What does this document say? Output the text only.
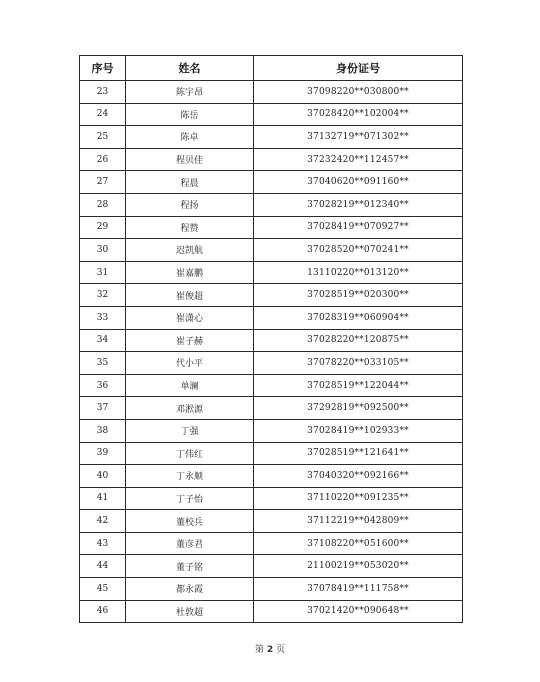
序号	姓名	身份证号
23	陈宇昂	37098220**030800**
24	陈岳	37028420**102004**
25	陈卓	37132719**071302**
26	程贝佳	37232420**112457**
27	程晨	37040620**091160**
28	程扬	37028219**012340**
29	程赞	37028419**070927**
30	迟凯航	37028520**070241**
31	崔嘉鹏	13110220**013120**
32	崔俊超	37028519**020300**
33	崔潇心	37028319**060904**
34	崔子赫	37028220**120875**
35	代小平	37078220**033105**
36	单澜	37028519**122044**
37	邓淞源	37292819**092500**
38	丁强	37028419**102933**
39	丁伟红	37028519**121641**
40	丁永顺	37040320**092166**
41	丁子怡	37110220**091235**
42	董校兵	37112219**042809**
43	董彦君	37108220**051600**
44	董子铭	21100219**053020**
45	都永霞	37078419**111758**
46	杜敦超	37021420**090648**
第 2 页
